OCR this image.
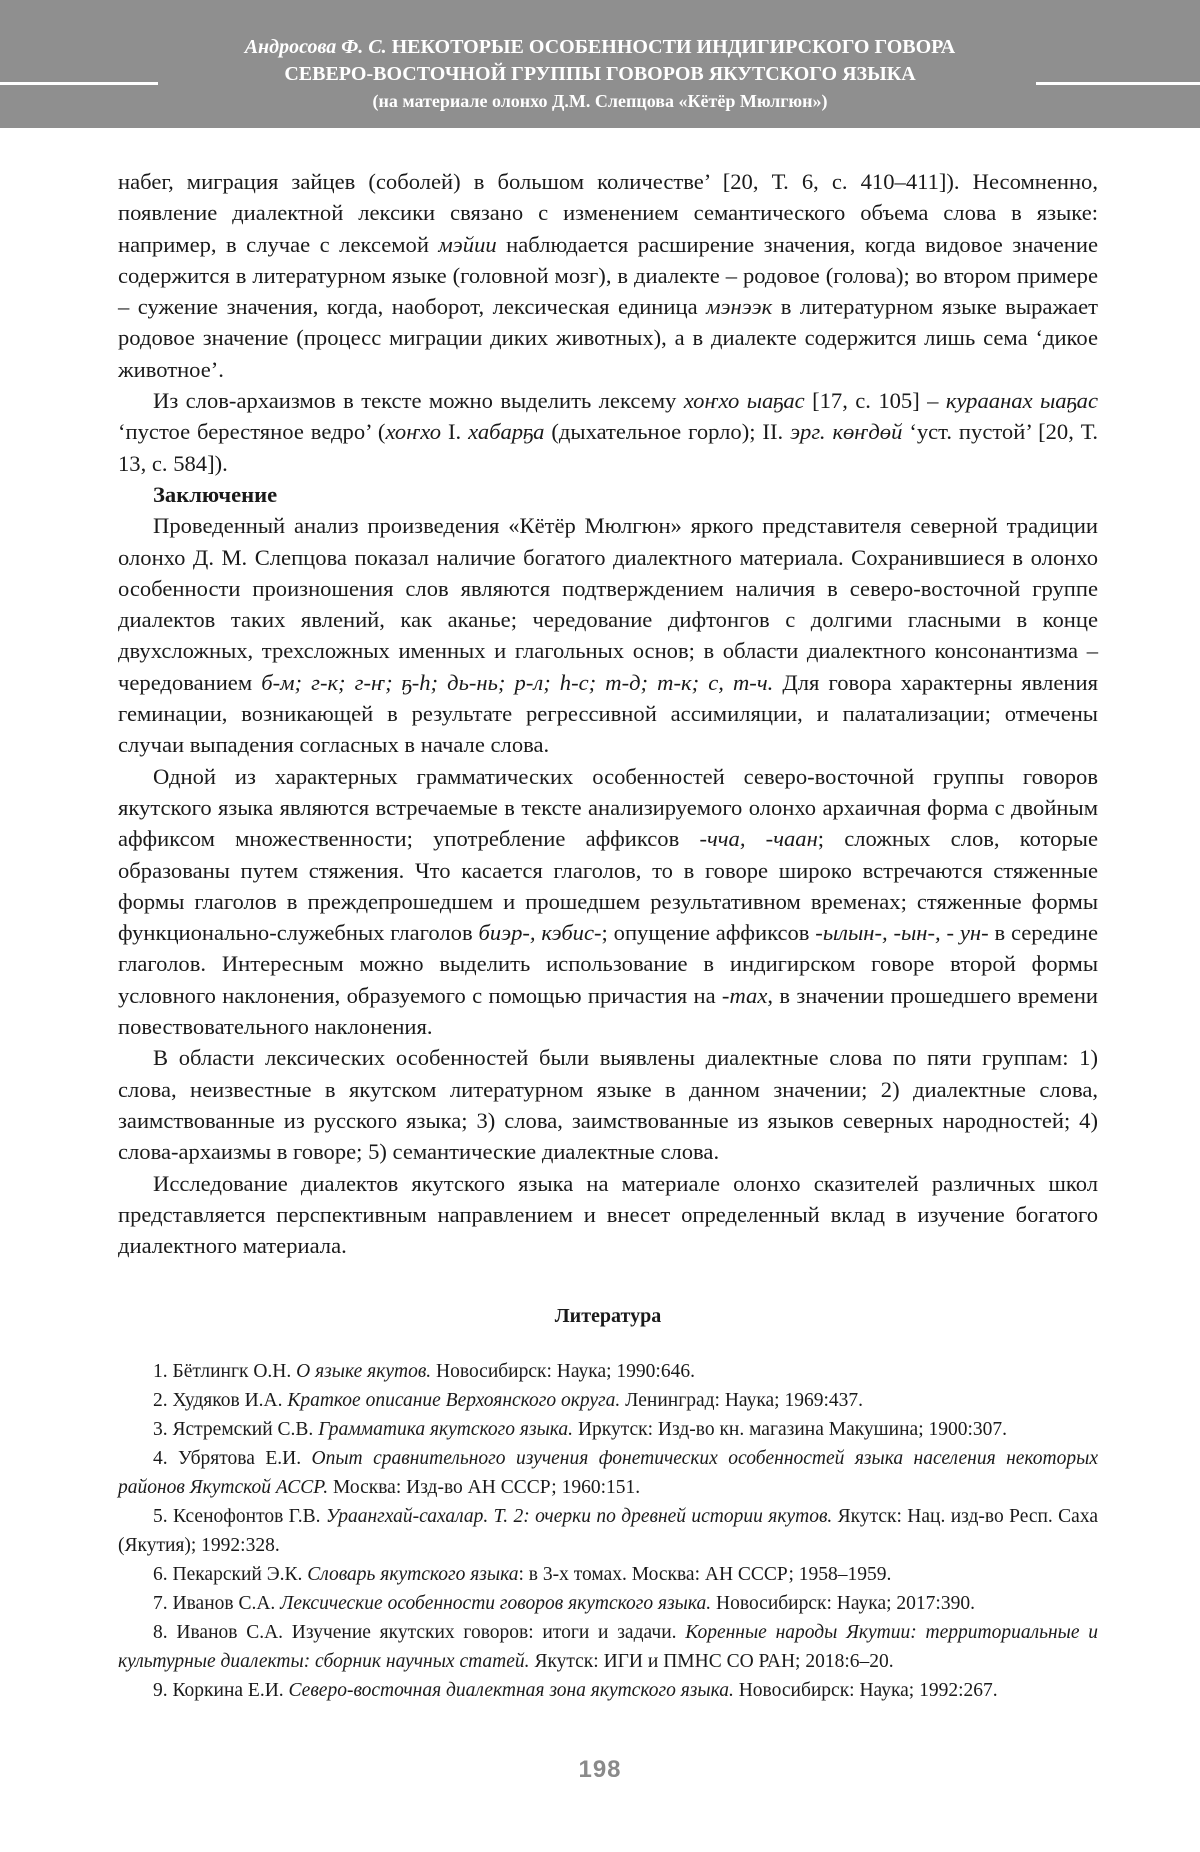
Андросова Ф. С. НЕКОТОРЫЕ ОСОБЕННОСТИ ИНДИГИРСКОГО ГОВОРА
СЕВЕРО-ВОСТОЧНОЙ ГРУППЫ ГОВОРОВ ЯКУТСКОГО ЯЗЫКА
(на материале олонхо Д.М. Слепцова «Кётёр Мюлгюн»)

набег, миграция зайцев (соболей) в большом количестве’ [20, Т. 6, с. 410–411]). Несомненно, появление диалектной лексики связано с изменением семантического объема слова в языке: например, в случае с лексемой мэйии наблюдается расширение значения, когда видовое значение содержится в литературном языке (головной мозг), в диалекте – родовое (голова); во втором примере – сужение значения, когда, наоборот, лексическая единица мэнээк в литературном языке выражает родовое значение (процесс миграции диких животных), а в диалекте содержится лишь сема ‘дикое животное’.

Из слов-архаизмов в тексте можно выделить лексему хоҥхо ыаҕас [17, с. 105] – кураанах ыаҕас ‘пустое берестяное ведро’ (хоҥхо I. хабарҕа (дыхательное горло); II. эрг. көҥдөй ‘уст. пустой’ [20, Т. 13, с. 584]).

Заключение

Проведенный анализ произведения «Кётёр Мюлгюн» яркого представителя северной традиции олонхо Д. М. Слепцова показал наличие богатого диалектного материала. Сохранившиеся в олонхо особенности произношения слов являются подтверждением наличия в северо-восточной группе диалектов таких явлений, как аканье; чередование дифтонгов с долгими гласными в конце двухсложных, трехсложных именных и глагольных основ; в области диалектного консонантизма – чередованием б-м; г-к; г-ҥ; ҕ-һ; дь-нь; р-л; һ-с; т-д; т-к; с, т-ч. Для говора характерны явления геминации, возникающей в результате регрессивной ассимиляции, и палатализации; отмечены случаи выпадения согласных в начале слова.

Одной из характерных грамматических особенностей северо-восточной группы говоров якутского языка являются встречаемые в тексте анализируемого олонхо архаичная форма с двойным аффиксом множественности; употребление аффиксов -чча, -чаан; сложных слов, которые образованы путем стяжения. Что касается глаголов, то в говоре широко встречаются стяженные формы глаголов в преждепрошедшем и прошедшем результативном временах; стяженные формы функционально-служебных глаголов биэр-, кэбис-; опущение аффиксов -ылын-, -ын-, - ун- в середине глаголов. Интересным можно выделить использование в индигирском говоре второй формы условного наклонения, образуемого с помощью причастия на -тах, в значении прошедшего времени повествовательного наклонения.

В области лексических особенностей были выявлены диалектные слова по пяти группам: 1) слова, неизвестные в якутском литературном языке в данном значении; 2) диалектные слова, заимствованные из русского языка; 3) слова, заимствованные из языков северных народностей; 4) слова-архаизмы в говоре; 5) семантические диалектные слова.

Исследование диалектов якутского языка на материале олонхо сказителей различных школ представляется перспективным направлением и внесет определенный вклад в изучение богатого диалектного материала.

Литература

1. Бётлингк О.Н. О языке якутов. Новосибирск: Наука; 1990:646.

2. Худяков И.А. Краткое описание Верхоянского округа. Ленинград: Наука; 1969:437.

3. Ястремский С.В. Грамматика якутского языка. Иркутск: Изд-во кн. магазина Макушина; 1900:307.

4. Убрятова Е.И. Опыт сравнительного изучения фонетических особенностей языка населения некоторых районов Якутской АССР. Москва: Изд-во АН СССР; 1960:151.

5. Ксенофонтов Г.В. Ураангхай-сахалар. Т. 2: очерки по древней истории якутов. Якутск: Нац. изд-во Респ. Саха (Якутия); 1992:328.

6. Пекарский Э.К. Словарь якутского языка: в 3-х томах. Москва: АН СССР; 1958–1959.

7. Иванов С.А. Лексические особенности говоров якутского языка. Новосибирск: Наука; 2017:390.

8. Иванов С.А. Изучение якутских говоров: итоги и задачи. Коренные народы Якутии: территориальные и культурные диалекты: сборник научных статей. Якутск: ИГИ и ПМНС СО РАН; 2018:6–20.

9. Коркина Е.И. Северо-восточная диалектная зона якутского языка. Новосибирск: Наука; 1992:267.

198
